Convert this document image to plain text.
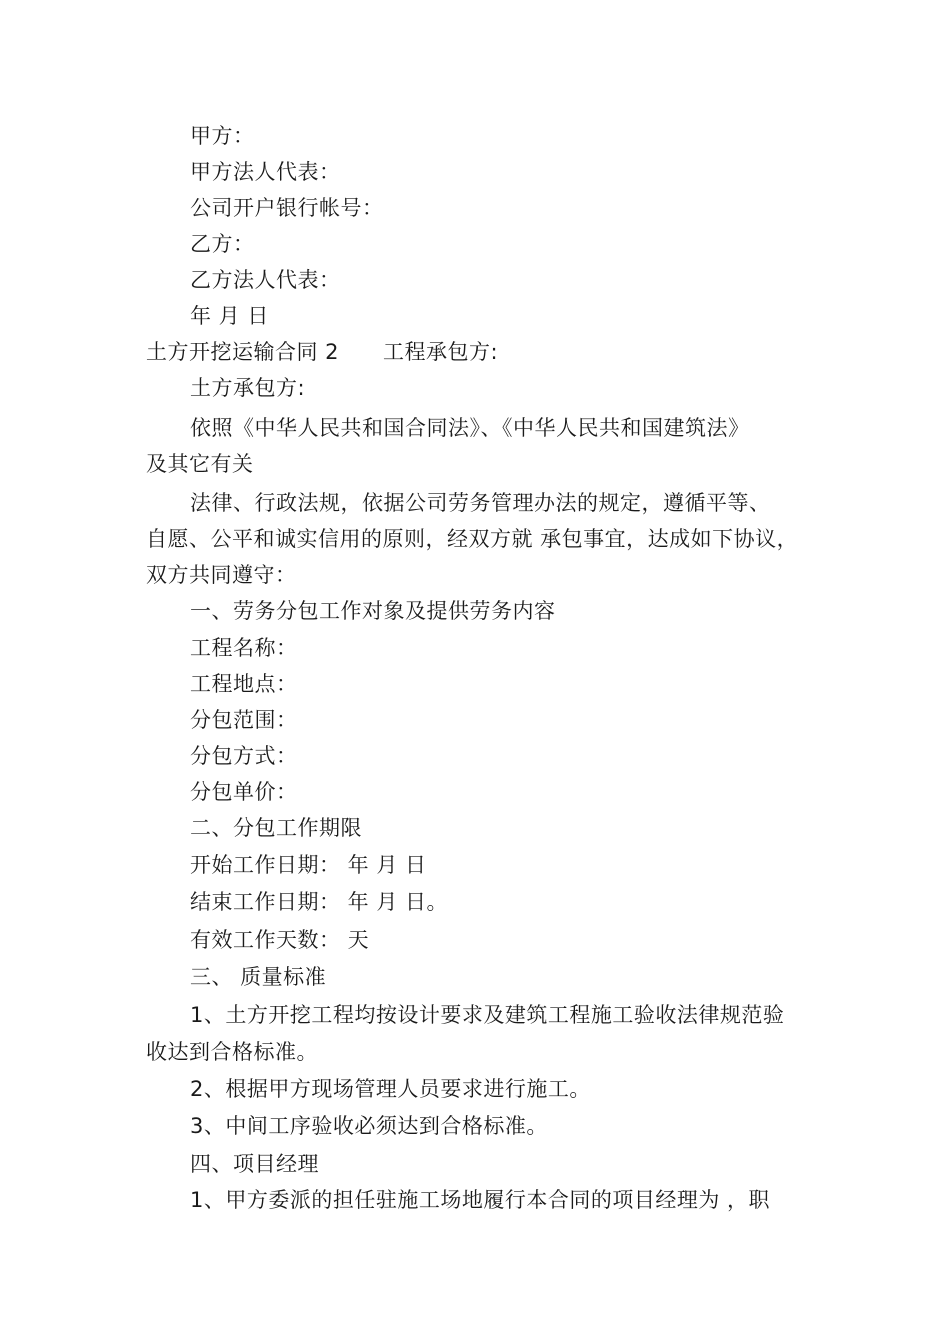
甲方：
甲方法人代表：
公司开户银行帐号：
乙方：
乙方法人代表：
年 月 日
土方开挖运输合同 2 工程承包方:
土方承包方:
依照《中华人民共和国合同法》、《中华人民共和国建筑法》
及其它有关
法律、行政法规，依据公司劳务管理办法的规定，遵循平等、
自愿、公平和诚实信用的原则，经双方就 承包事宜，达成如下协议，
双方共同遵守：
一、劳务分包工作对象及提供劳务内容
工程名称：
工程地点：
分包范围：
分包方式：
分包单价：
二、分包工作期限
开始工作日期： 年 月 日
结束工作日期： 年 月 日。
有效工作天数： 天
三、 质量标准
1、土方开挖工程均按设计要求及建筑工程施工验收法律规范验
收达到合格标准。
2、根据甲方现场管理人员要求进行施工。
3、中间工序验收必须达到合格标准。
四、项目经理
1、甲方委派的担任驻施工场地履行本合同的项目经理为 ，职
